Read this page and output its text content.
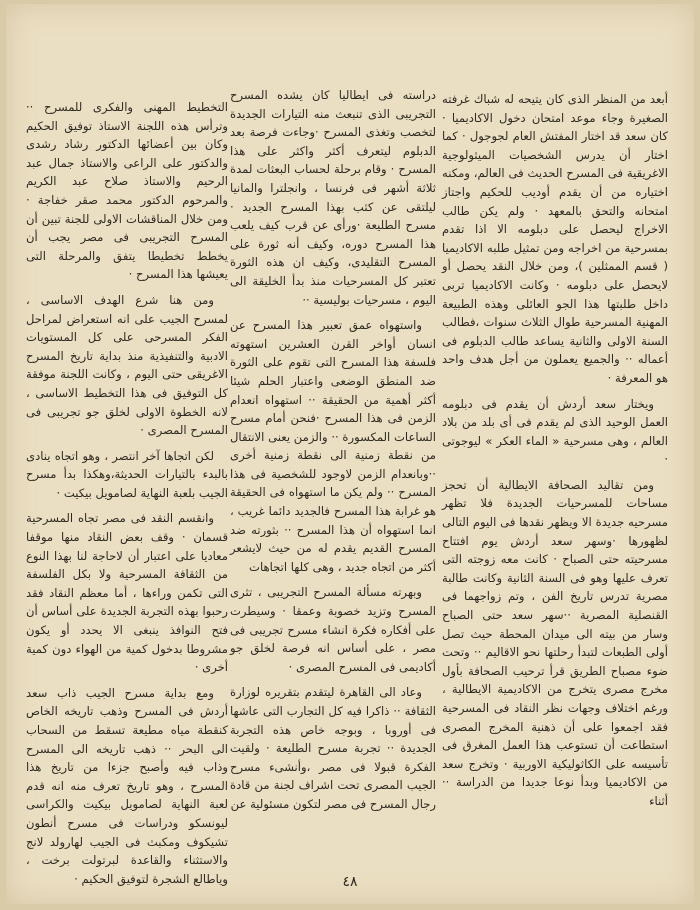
أبعد من المنظر الذى كان يتيحه له شباك غرفته الصغيرة وجاء موعد امتحان دخول الاكاديميا · كان سعد قد اختار المفتش العام لجوجول · كما اختار أن يدرس الشخصيات الميثولوجية الاغريقية فى المسرح الحديث فى العالم، ومكنه اختياره من أن يقدم أوديب للحكيم واجتاز امتحانه والتحق بالمعهد · ولم يكن طالب الاخراج ليحصل على دبلومه الا اذا تقدم بمسرحية من اخراجه ومن تمثيل طلبه الاكاديميا ( قسم الممثلين )، ومن خلال النقد يحصل أو لايحصل على دبلومه · وكانت الاكاديميا تربى داخل طلبتها هذا الجو العائلى وهذه الطبيعة المهنية المسرحية طوال الثلاث سنوات ،فطالب السنة الاولى والثانية يساعد طالب الدبلوم فى أعماله ·· والجميع يعملون من أجل هدف واحد هو المعرفة ·

ويختار سعد أردش أن يقدم فى دبلومه العمل الوحيد الذى لم يقدم فى أى بلد من بلاد العالم ، وهى مسرحية « الماء العكر » ليوجوتى ·

ومن تقاليد الصحافة الايطالية أن تحجز مساحات للمسرحيات الجديدة فلا تظهر مسرحيه جديدة الا ويظهر نقدها فى اليوم التالى لظهورها ·وسهر سعد أردش يوم افتتاح مسرحيته حتى الصباح · كانت معه زوجته التى تعرف عليها وهو فى السنة الثانية وكانت طالبة مصرية تدرس تاريخ الفن ، وتم زواجهما فى القنصلية المصرية ··سهر سعد حتى الصباح وسار من بيته الى ميدان المحطة حيث تصل أولى الطبعات لتبدأ رحلتها نحو الاقاليم ·· وتحت ضوء مصباح الطريق قرأ ترحيب الصحافة بأول مخرج مصرى يتخرج من الاكاديمية الايطالية ، ورغم اختلاف وجهات نظر النقاد فى المسرحية فقد اجمعوا على أن ذهنية المخرج المصرى استطاعت أن تستوعب هذا العمل المغرق فى تأسيسه على الكاثوليكية الاوربية · وتخرج سعد من الاكاديميا وبدأ نوعا جديدا من الدراسة ·· أثناء

دراسته فى ايطاليا كان يشده المسرح التجريبى الذى تنبعث منه التيارات الجديدة لتخصب وتغذى المسرح ·وجاءت فرصة بعد الدبلوم ليتعرف أكثر واكثر على هذا المسرح · وقام برحلة لحساب البعثات لمدة ثلاثة أشهر فى فرنسا ، وانجلترا والمانيا ليلتقى عن كثب بهذا المسرح الجديد · مسرح الطليعة ·ورأى عن قرب كيف يلعب هذا المسرح دوره، وكيف أنه ثورة على المسرح التقليدى، وكيف ان هذه الثورة تعتبر كل المسرحيات منذ بدأ الخليقة الى اليوم ، مسرحيات بوليسية ··

واستهواه عمق تعبير هذا المسرح عن انسان أواخر القرن العشرين استهوته فلسفة هذا المسرح التى تقوم على الثورة ضد المنطق الوضعى واعتبار الحلم شيئا أكثر أهمية من الحقيقة ·· استهواه انعدام الزمن فى هذا المسرح ·فنحن أمام مسرح الساعات المكسورة ·· والزمن يعنى الانتقال من نقطة زمنية الى نقطة زمنية أخرى ··وبانعدام الزمن لاوجود للشخصية فى هذا المسرح ·· ولم يكن ما استهواه فى الحقيقة هو غرابة هذا المسرح فالجديد دائما غريب ، انما استهواه أن هذا المسرح ·· بثورته ضد المسرح القديم يقدم له من حيث لايشعر أكثر من اتجاه جديد ، وهى كلها اتجاهات

وبهرته مسألة المسرح التجريبى ، تثرى المسرح وتزيد خصوبة وعمقا · وسيطرت على أفكاره فكرة انشاء مسرح تجريبى فى مصر ، على أساس انه فرصة لخلق جو أكاديمى فى المسرح المصرى ·

وعاد الى القاهرة ليتقدم بتقريره لوزارة الثقافة ·· ذاكرا فيه كل التجارب التى عاشها فى أوروبا ، وبوجه خاص هذه التجربة الجديدة ·· تجربة مسرح الطليعة · ولقيت الفكرة قبولا فى مصر ،وأنشىء مسرح الجيب المصرى تحت اشراف لجنة من قادة رجال المسرح فى مصر لتكون مسئولية عن

التخطيط المهنى والفكرى للمسرح ·· وترأس هذه اللجنة الاستاذ توفيق الحكيم وكان بين أعضائها الدكتور رشاد رشدى والدكتور على الراعى والاستاذ جمال عبد الرحيم والاستاذ صلاح عبد الكريم والمرحوم الدكتور محمد صقر خفاجة · ومن خلال المناقشات الاولى للجنة تبين أن المسرح التجريبى فى مصر يجب أن يخطط تخطيطا يتفق والمرحلة التى يعيشها هذا المسرح ·

ومن هنا شرع الهدف الاساسى ، لمسرح الجيب على انه استعراض لمراحل الفكر المسرحى على كل المستويات الادبية والتنفيذية منذ بداية تاريخ المسرح الاغريقى حتى اليوم ، وكانت اللجنة موفقة كل التوفيق فى هذا التخطيط الاساسى ، لانه الخطوة الاولى لخلق جو تجريبى فى المسرح المصرى ·

لكن اتجاها آخر انتصر ، وهو اتجاه ينادى بالبدء بالتيارات الحديثة،وهكذا بدأ مسرح الجيب بلعبة النهاية لصامويل بيكيت ·

وانقسم النقد فى مصر تجاه المسرحية قسمان · وقف بعض النقاد منها موقفا معاديا على اعتبار أن لاحاجة لنا بهذا النوع من الثقافة المسرحية ولا بكل الفلسفة التى تكمن وراءها ، أما معظم النقاد فقد رحبوا بهذه التجربة الجديدة على أساس أن فتح النوافذ ينبغى الا يحدد أو يكون مشروطا بدخول كمية من الهواء دون كمية أخرى ·

ومع بداية مسرح الجيب ذاب سعد أردش فى المسرح وذهب تاريخه الخاص كنقطة مياه مطيعة تسقط من السحاب الى البحر ·· ذهب تاريخه الى المسرح وذاب فيه وأصبح جزءا من تاريخ هذا المسرح ، وهو تاريخ تعرف منه انه قدم لعبة النهاية لصامويل بيكيت والكراسى ليونسكو ودراسات فى مسرح أنطون تشيكوف ومكبث فى الجيب لهارولد لانج والاستثناء والقاعدة لبرتولت برخت ، وياطالع الشجرة لتوفيق الحكيم ·	٤٨
